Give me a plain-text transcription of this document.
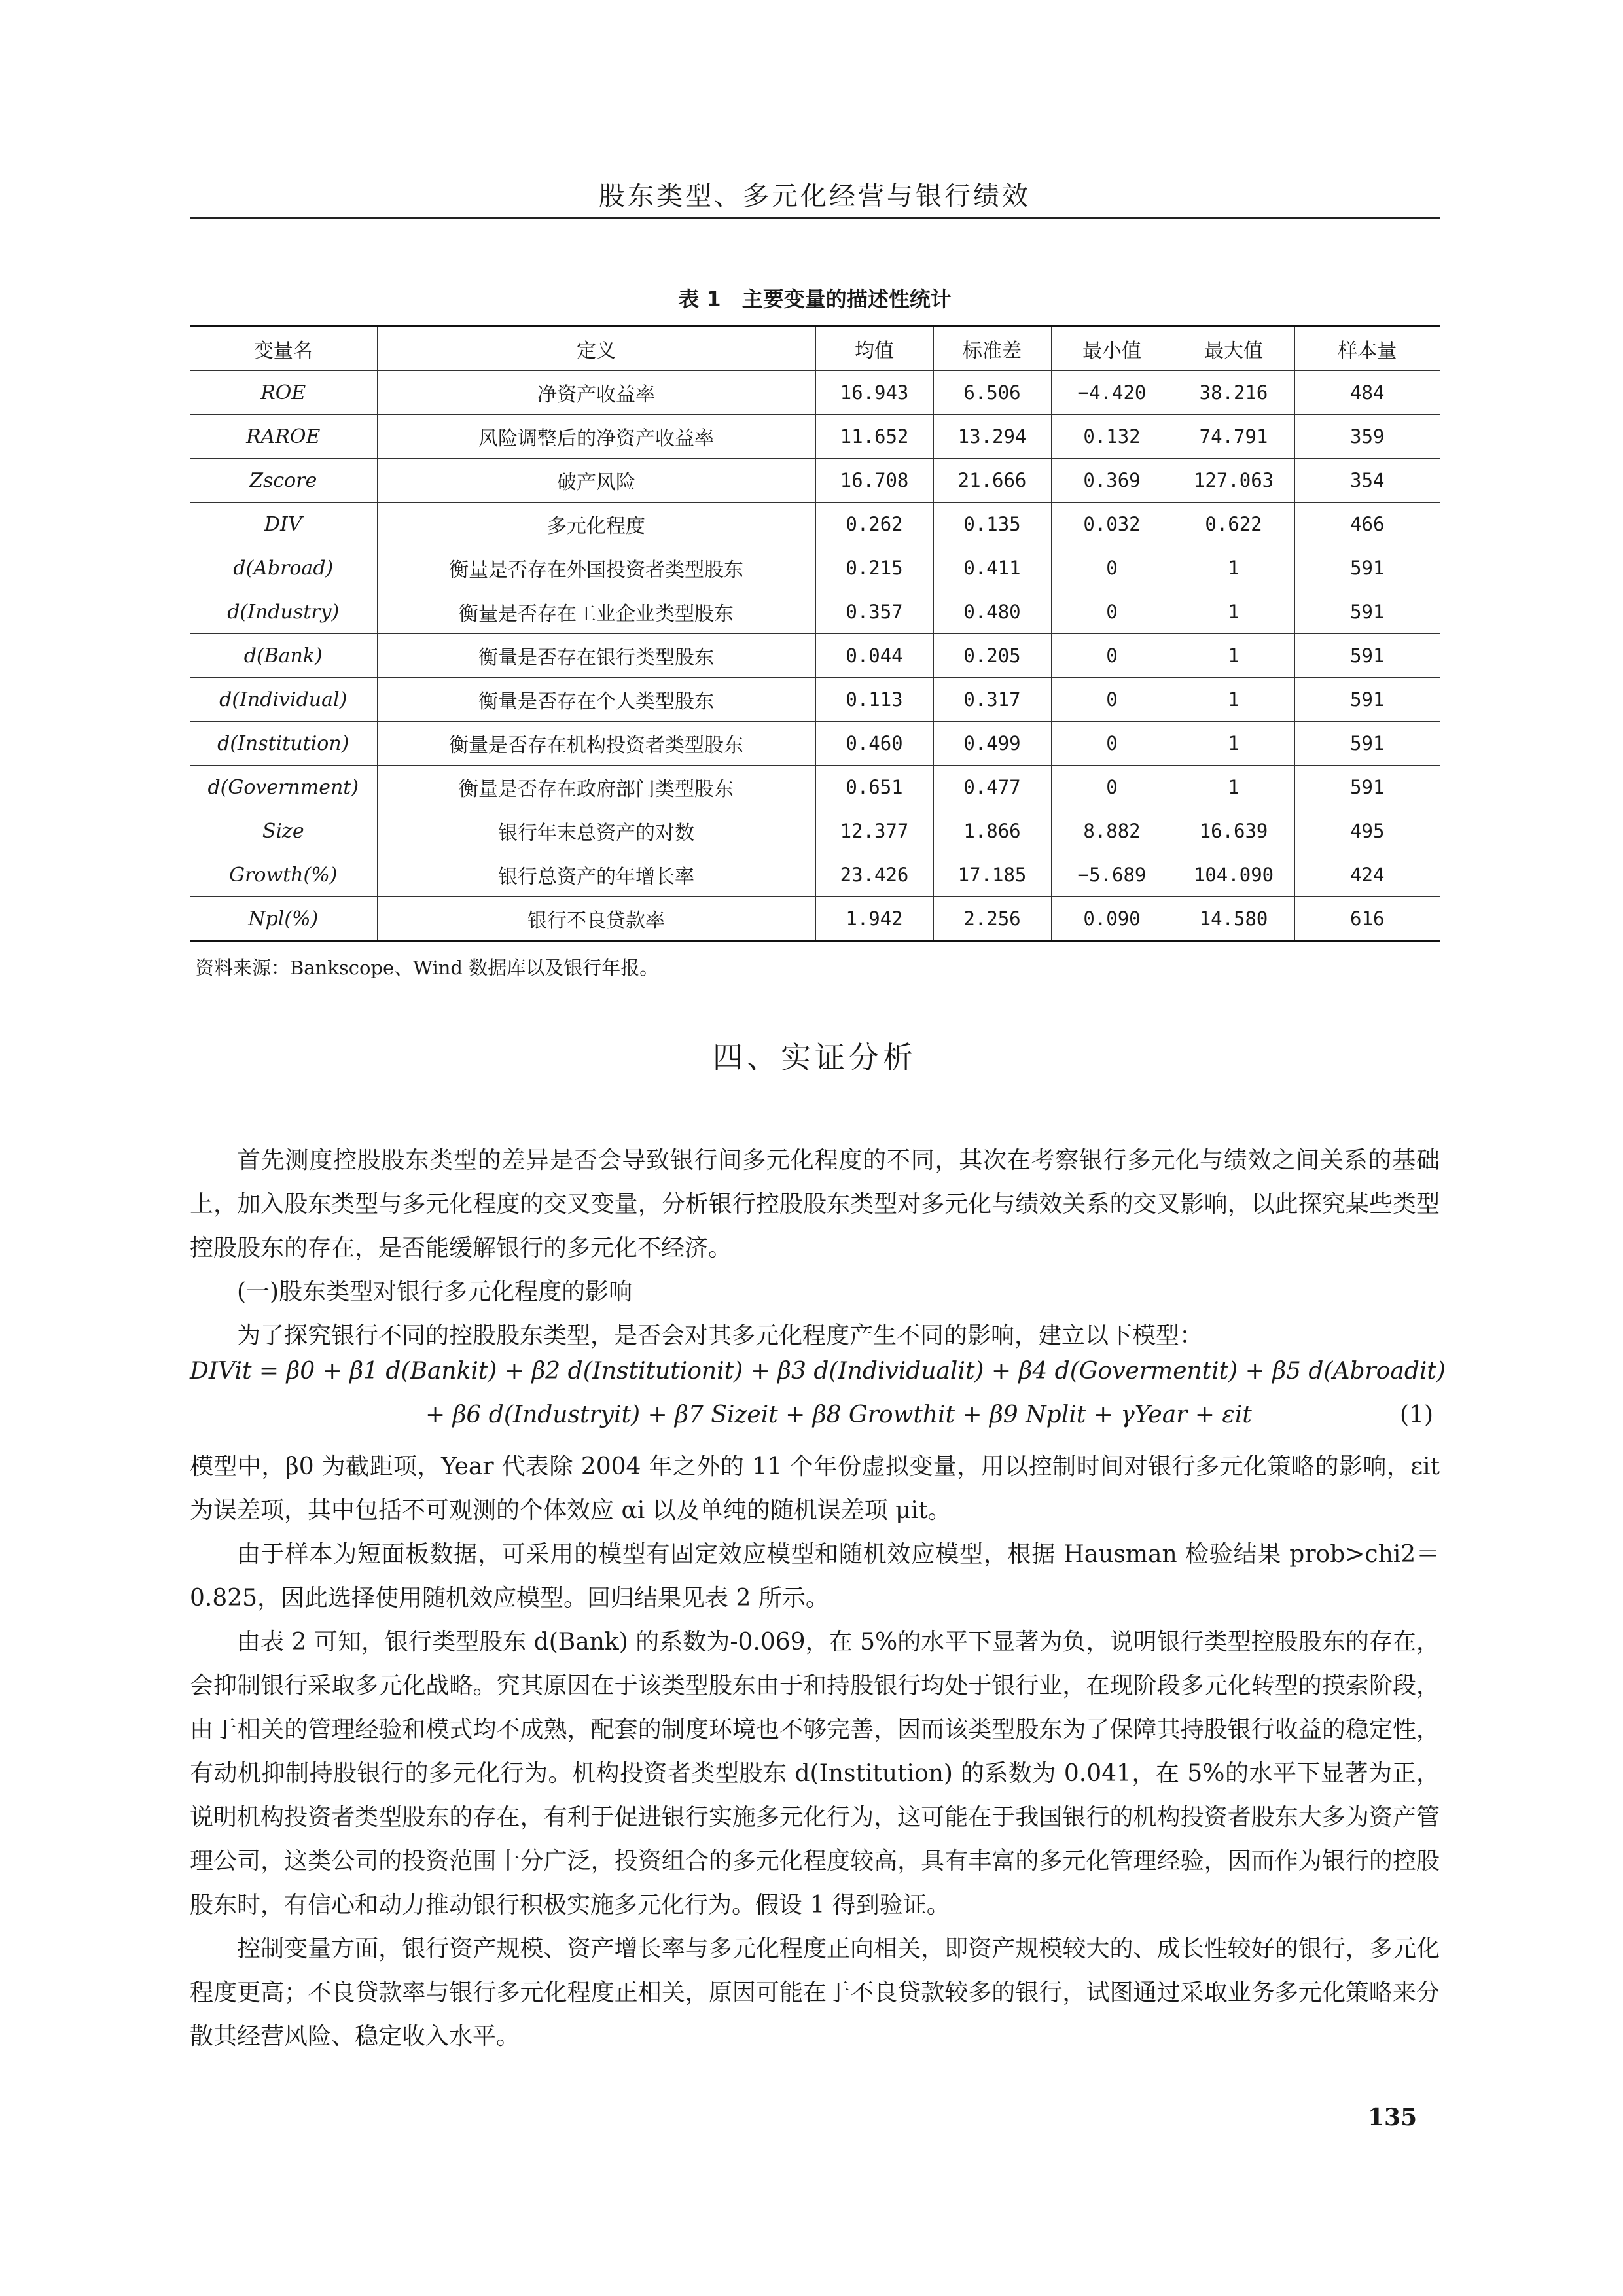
股东类型、多元化经营与银行绩效
表 1　主要变量的描述性统计
变量名	定义	均值	标准差	最小值	最大值	样本量
ROE	净资产收益率	16.943	6.506	−4.420	38.216	484
RAROE	风险调整后的净资产收益率	11.652	13.294	0.132	74.791	359
Zscore	破产风险	16.708	21.666	0.369	127.063	354
DIV	多元化程度	0.262	0.135	0.032	0.622	466
d(Abroad)	衡量是否存在外国投资者类型股东	0.215	0.411	0	1	591
d(Industry)	衡量是否存在工业企业类型股东	0.357	0.480	0	1	591
d(Bank)	衡量是否存在银行类型股东	0.044	0.205	0	1	591
d(Individual)	衡量是否存在个人类型股东	0.113	0.317	0	1	591
d(Institution)	衡量是否存在机构投资者类型股东	0.460	0.499	0	1	591
d(Government)	衡量是否存在政府部门类型股东	0.651	0.477	0	1	591
Size	银行年末总资产的对数	12.377	1.866	8.882	16.639	495
Growth(%)	银行总资产的年增长率	23.426	17.185	−5.689	104.090	424
Npl(%)	银行不良贷款率	1.942	2.256	0.090	14.580	616
资料来源：Bankscope、Wind 数据库以及银行年报。
四、实证分析

首先测度控股股东类型的差异是否会导致银行间多元化程度的不同，其次在考察银行多元化与绩效之间关系的基础上，加入股东类型与多元化程度的交叉变量，分析银行控股股东类型对多元化与绩效关系的交叉影响，以此探究某些类型控股股东的存在，是否能缓解银行的多元化不经济。

(一)股东类型对银行多元化程度的影响

为了探究银行不同的控股股东类型，是否会对其多元化程度产生不同的影响，建立以下模型：

DIVit = β0 + β1 d(Bankit) + β2 d(Institutionit) + β3 d(Individualit) + β4 d(Govermentit) + β5 d(Abroadit)
+ β6 d(Industryit) + β7 Sizeit + β8 Growthit + β9 Nplit + γYear + εit	(1)

模型中，β0 为截距项，Year 代表除 2004 年之外的 11 个年份虚拟变量，用以控制时间对银行多元化策略的影响，εit 为误差项，其中包括不可观测的个体效应 αi 以及单纯的随机误差项 μit。

由于样本为短面板数据，可采用的模型有固定效应模型和随机效应模型，根据 Hausman 检验结果 prob>chi2＝0.825，因此选择使用随机效应模型。回归结果见表 2 所示。

由表 2 可知，银行类型股东 d(Bank) 的系数为-0.069，在 5%的水平下显著为负，说明银行类型控股股东的存在，会抑制银行采取多元化战略。究其原因在于该类型股东由于和持股银行均处于银行业，在现阶段多元化转型的摸索阶段，由于相关的管理经验和模式均不成熟，配套的制度环境也不够完善，因而该类型股东为了保障其持股银行收益的稳定性，有动机抑制持股银行的多元化行为。机构投资者类型股东 d(Institution) 的系数为 0.041，在 5%的水平下显著为正，说明机构投资者类型股东的存在，有利于促进银行实施多元化行为，这可能在于我国银行的机构投资者股东大多为资产管理公司，这类公司的投资范围十分广泛，投资组合的多元化程度较高，具有丰富的多元化管理经验，因而作为银行的控股股东时，有信心和动力推动银行积极实施多元化行为。假设 1 得到验证。

控制变量方面，银行资产规模、资产增长率与多元化程度正向相关，即资产规模较大的、成长性较好的银行，多元化程度更高；不良贷款率与银行多元化程度正相关，原因可能在于不良贷款较多的银行，试图通过采取业务多元化策略来分散其经营风险、稳定收入水平。

135
